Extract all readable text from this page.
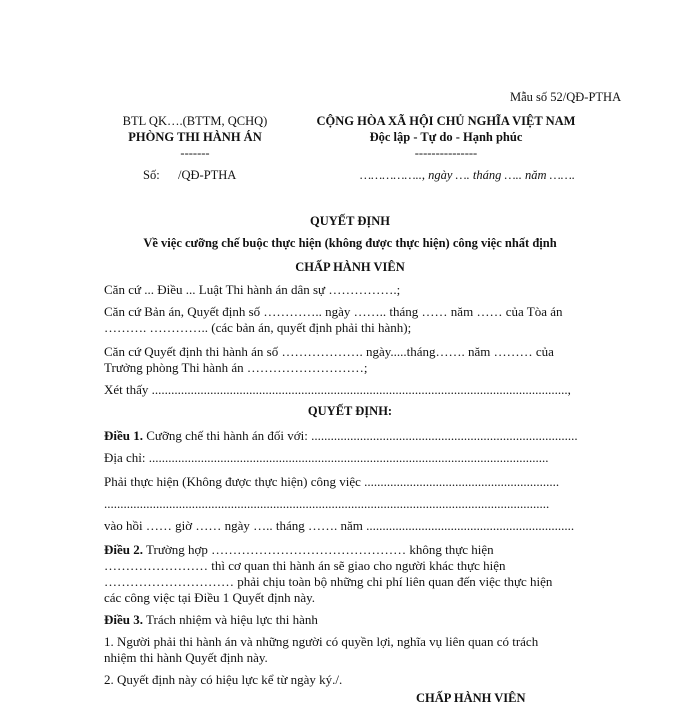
Mẫu số 52/QĐ-PTHA
BTL QK….(BTTM, QCHQ)
PHÒNG THI HÀNH ÁN
-------
Số: /QĐ-PTHA
CỘNG HÒA XÃ HỘI CHỦ NGHĨA VIỆT NAM
Độc lập - Tự do - Hạnh phúc
---------------
…………….., ngày …. tháng ….. năm …….
QUYẾT ĐỊNH
Về việc cưỡng chế buộc thực hiện (không được thực hiện) công việc nhất định
CHẤP HÀNH VIÊN
Căn cứ ... Điều ... Luật Thi hành án dân sự …………….;
Căn cứ Bản án, Quyết định số ………….. ngày …….. tháng …… năm …… của Tòa án
………. ………….. (các bản án, quyết định phải thi hành);
Căn cứ Quyết định thi hành án số ………………. ngày.....tháng……. năm ……… của
Trưởng phòng Thi hành án ………………………;
Xét thấy ................................................................................................................................,
QUYẾT ĐỊNH:
Điều 1. Cưỡng chế thi hành án đối với: ..................................................................................
Địa chỉ: ...........................................................................................................................
Phải thực hiện (Không được thực hiện) công việc ............................................................
.........................................................................................................................................
vào hồi …… giờ …… ngày ….. tháng ……. năm ................................................................
Điều 2. Trường hợp ……………………………………… không thực hiện
…………………… thì cơ quan thi hành án sẽ giao cho người khác thực hiện
………………………… phải chịu toàn bộ những chi phí liên quan đến việc thực hiện
các công việc tại Điều 1 Quyết định này.
Điều 3. Trách nhiệm và hiệu lực thi hành
1. Người phải thi hành án và những người có quyền lợi, nghĩa vụ liên quan có trách
nhiệm thi hành Quyết định này.
2. Quyết định này có hiệu lực kể từ ngày ký./.
CHẤP HÀNH VIÊN
